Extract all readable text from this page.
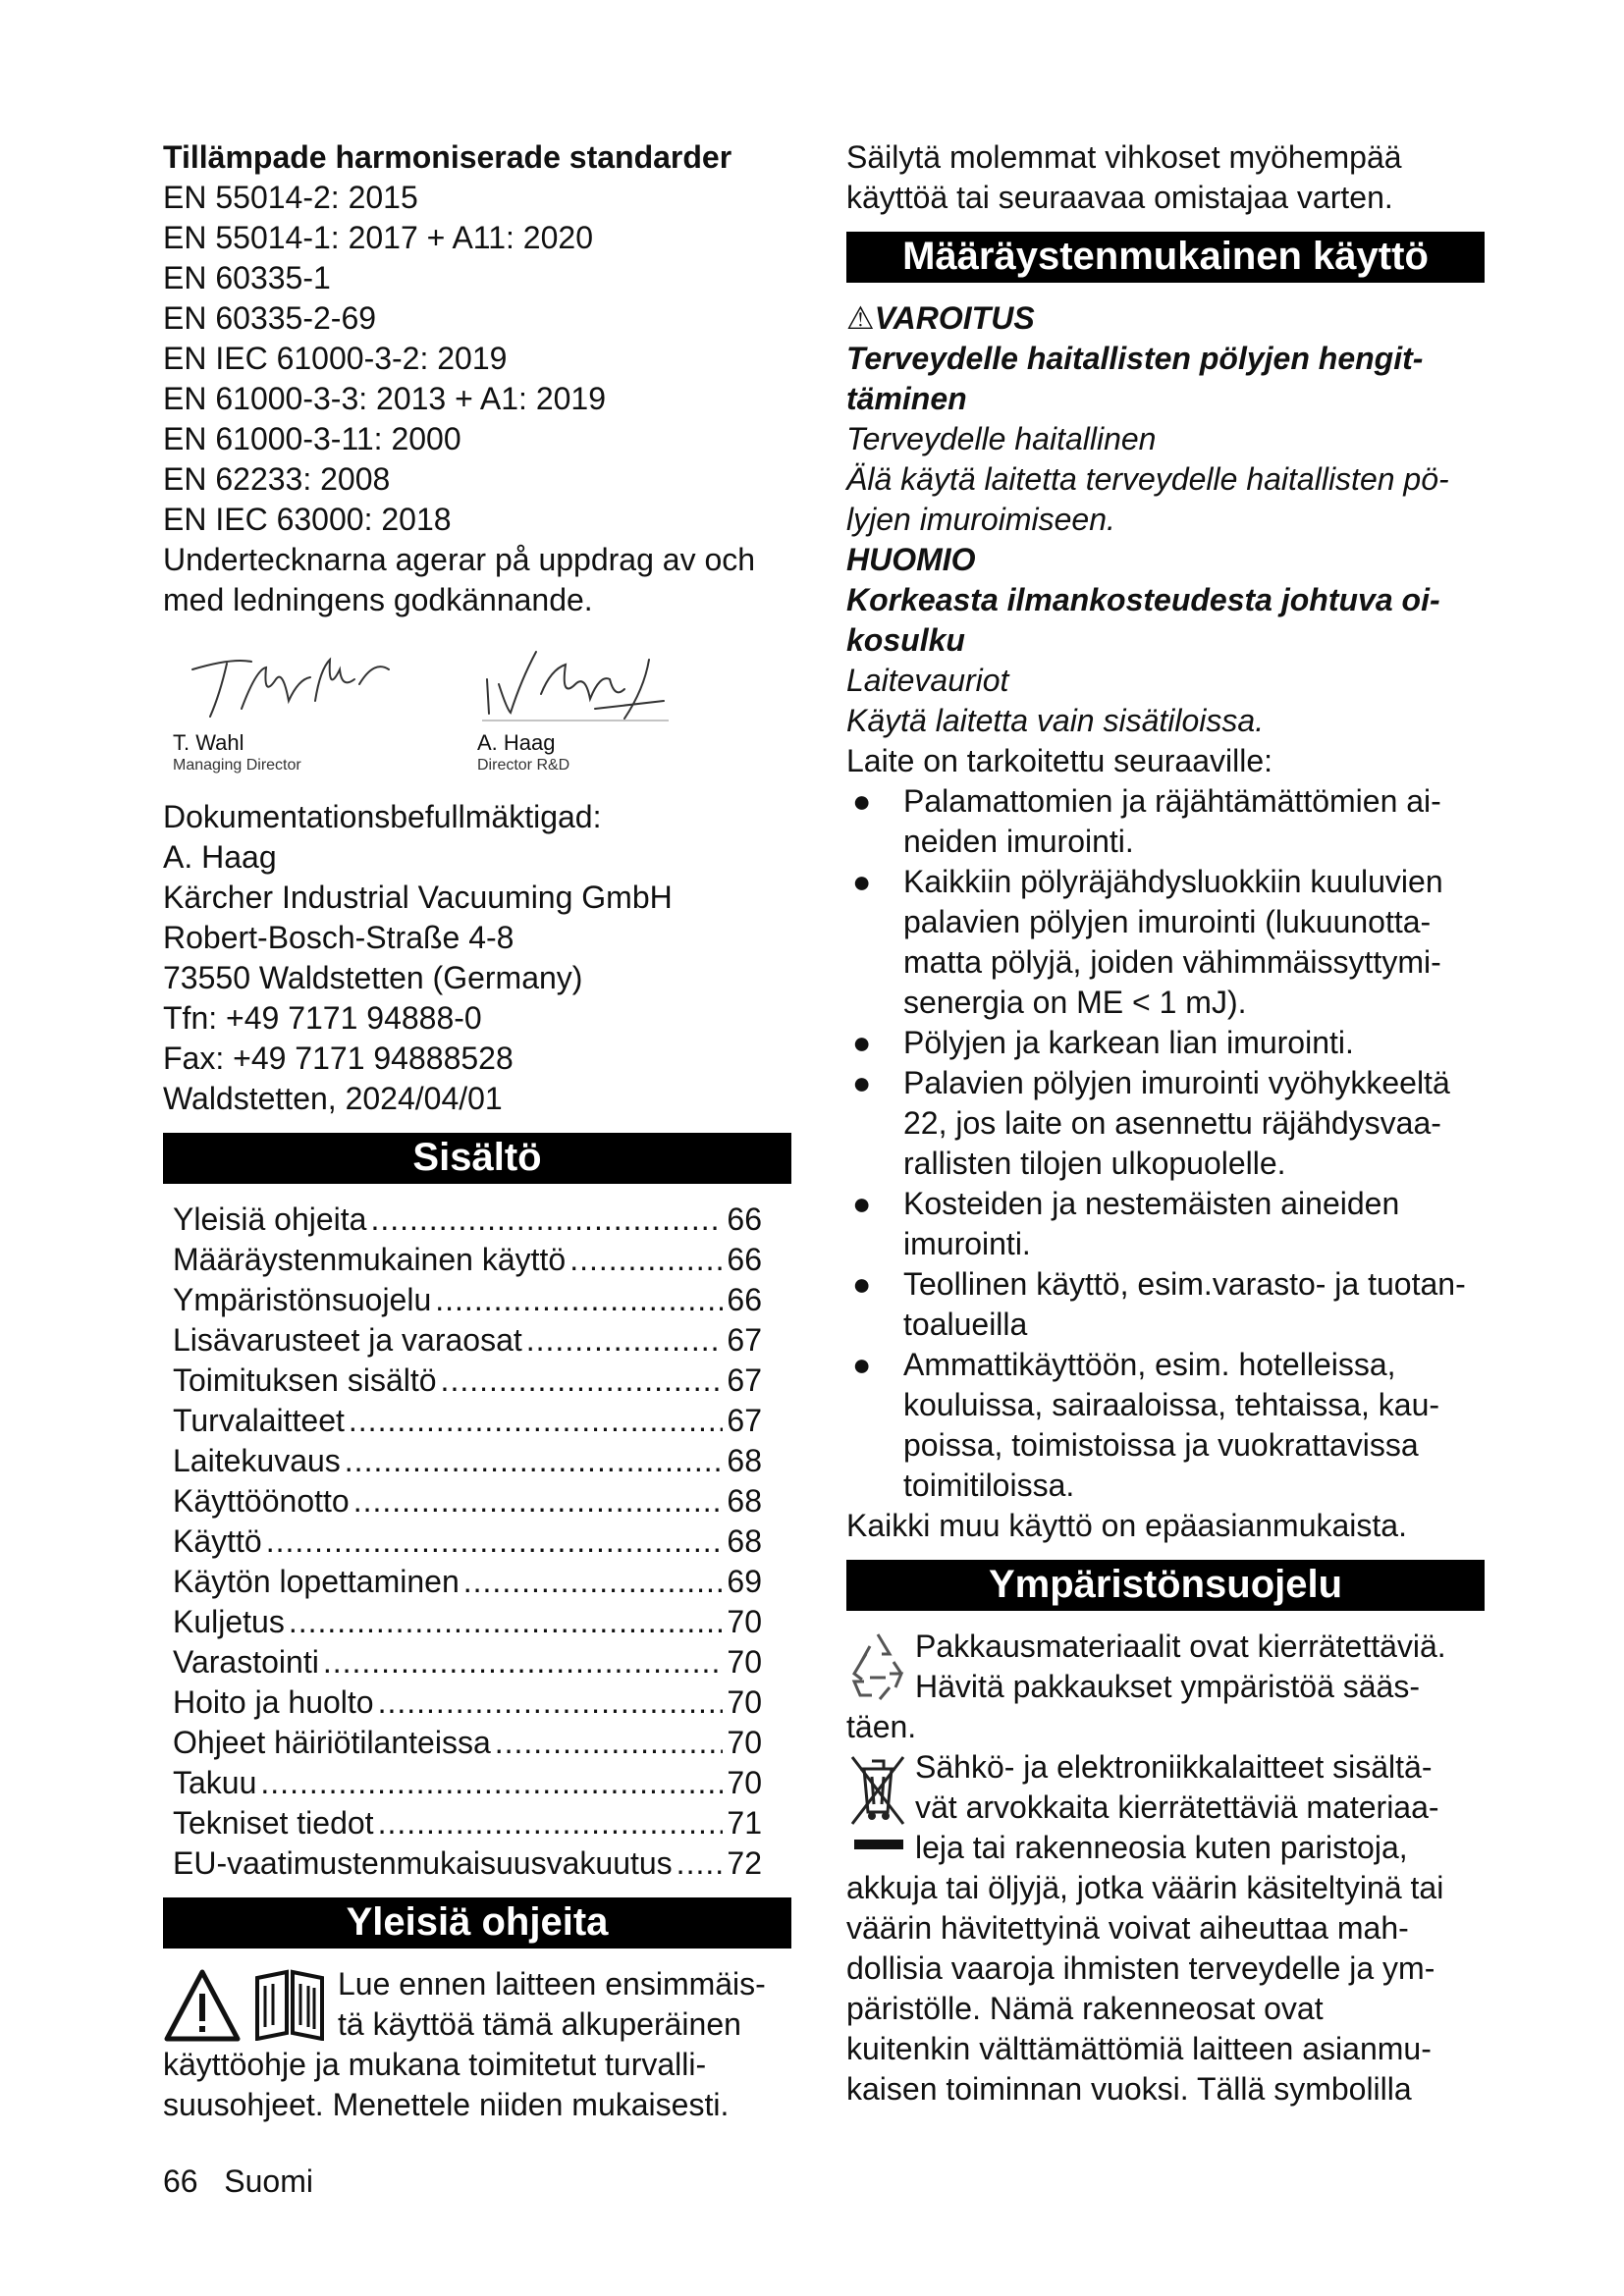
Tillämpade harmoniserade standarder
EN 55014-2: 2015
EN 55014-1: 2017 + A11: 2020
EN 60335-1
EN 60335-2-69
EN IEC 61000-3-2: 2019
EN 61000-3-3: 2013 + A1: 2019
EN 61000-3-11: 2000
EN 62233: 2008
EN IEC 63000: 2018
Undertecknarna agerar på uppdrag av och
med ledningens godkännande.
T. Wahl
Managing Director
A. Haag
Director R&D
Dokumentationsbefullmäktigad:
A. Haag
Kärcher Industrial Vacuuming GmbH
Robert-Bosch-Straße 4-8
73550 Waldstetten (Germany)
Tfn: +49 7171 94888-0
Fax: +49 7171 94888528
Waldstetten, 2024/04/01
Sisältö
Yleisiä ohjeita .....	66
Määräystenmukainen käyttö .....	66
Ympäristönsuojelu .....	66
Lisävarusteet ja varaosat .....	67
Toimituksen sisältö .....	67
Turvalaitteet .....	67
Laitekuvaus .....	68
Käyttöönotto .....	68
Käyttö .....	68
Käytön lopettaminen .....	69
Kuljetus .....	70
Varastointi .....	70
Hoito ja huolto .....	70
Ohjeet häiriötilanteissa .....	70
Takuu .....	70
Tekniset tiedot .....	71
EU-vaatimustenmukaisuusvakuutus ..... 72
Yleisiä ohjeita
Lue ennen laitteen ensimmäis-
tä käyttöä tämä alkuperäinen
käyttöohje ja mukana toimitetut turvalli-
suusohjeet. Menettele niiden mukaisesti.
Säilytä molemmat vihkoset myöhempää
käyttöä tai seuraavaa omistajaa varten.
Määräystenmukainen käyttö
⚠VAROITUS
Terveydelle haitallisten pölyjen hengit-
täminen
Terveydelle haitallinen
Älä käytä laitetta terveydelle haitallisten pö-
lyjen imuroimiseen.
HUOMIO
Korkeasta ilmankosteudesta johtuva oi-
kosulku
Laitevauriot
Käytä laitetta vain sisätiloissa.
Laite on tarkoitettu seuraaville:
●	Palamattomien ja räjähtämättömien ai-
neiden imurointi.
●	Kaikkiin pölyräjähdysluokkiin kuuluvien
palavien pölyjen imurointi (lukuunotta-
matta pölyjä, joiden vähimmäissyttymi-
senergia on ME < 1 mJ).
●	Pölyjen ja karkean lian imurointi.
●	Palavien pölyjen imurointi vyöhykkeeltä
22, jos laite on asennettu räjähdysvaa-
rallisten tilojen ulkopuolelle.
●	Kosteiden ja nestemäisten aineiden
imurointi.
●	Teollinen käyttö, esim.varasto- ja tuotan-
toalueilla
●	Ammattikäyttöön, esim. hotelleissa,
kouluissa, sairaaloissa, tehtaissa, kau-
poissa, toimistoissa ja vuokrattavissa
toimitiloissa.
Kaikki muu käyttö on epäasianmukaista.
Ympäristönsuojelu
Pakkausmateriaalit ovat kierrätettäviä.
Hävitä pakkaukset ympäristöä sääs-
täen.
Sähkö- ja elektroniikkalaitteet sisältä-
vät arvokkaita kierrätettäviä materiaa-
leja tai rakenneosia kuten paristoja,
akkuja tai öljyjä, jotka väärin käsiteltyinä tai
väärin hävitettyinä voivat aiheuttaa mah-
dollisia vaaroja ihmisten terveydelle ja ym-
päristölle. Nämä rakenneosat ovat
kuitenkin välttämättömiä laitteen asianmu-
kaisen toiminnan vuoksi. Tällä symbolilla
66 Suomi
